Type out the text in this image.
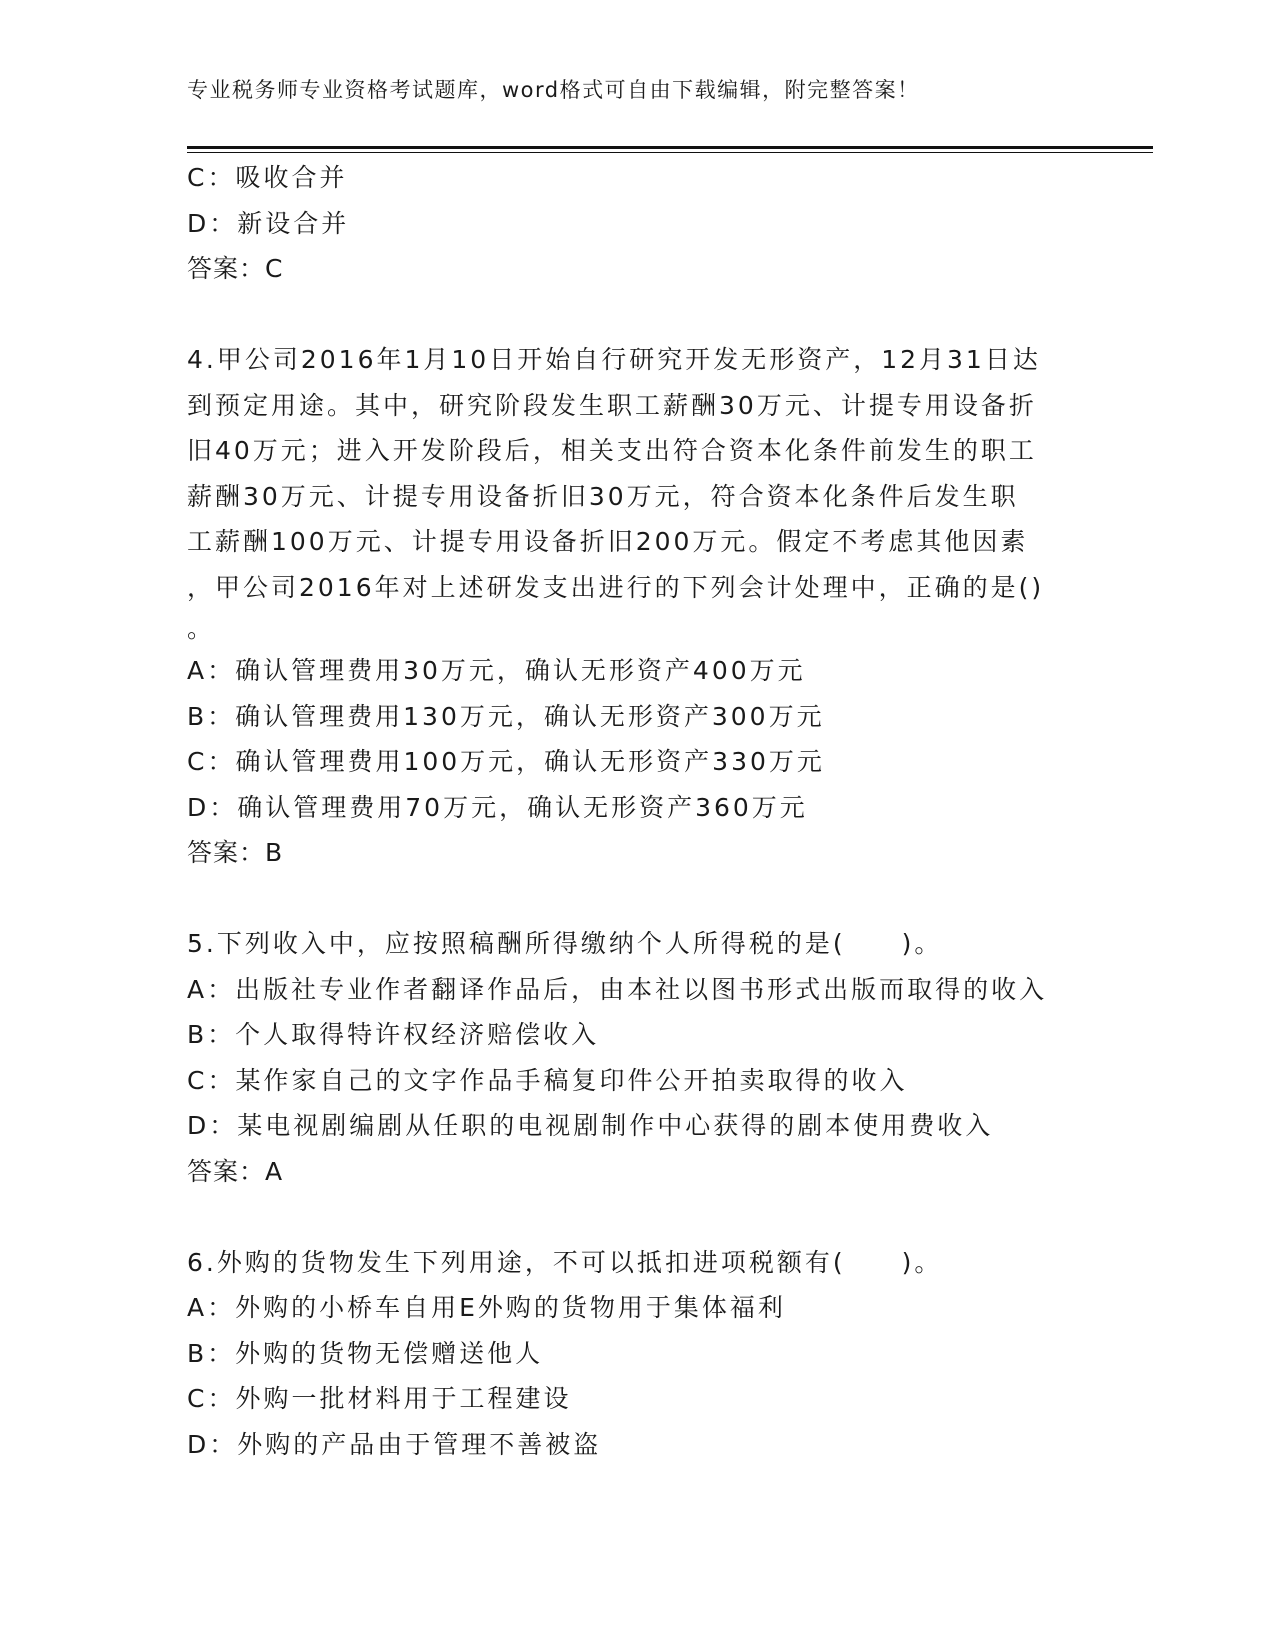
专业税务师专业资格考试题库，word格式可自由下载编辑，附完整答案！
C：吸收合并
D：新设合并
答案：C
4.甲公司2016年1月10日开始自行研究开发无形资产，12月31日达
到预定用途。其中，研究阶段发生职工薪酬30万元、计提专用设备折
旧40万元；进入开发阶段后，相关支出符合资本化条件前发生的职工
薪酬30万元、计提专用设备折旧30万元，符合资本化条件后发生职
工薪酬100万元、计提专用设备折旧200万元。假定不考虑其他因素
，甲公司2016年对上述研发支出进行的下列会计处理中，正确的是()
。
A：确认管理费用30万元，确认无形资产400万元
B：确认管理费用130万元，确认无形资产300万元
C：确认管理费用100万元，确认无形资产330万元
D：确认管理费用70万元，确认无形资产360万元
答案：B
5.下列收入中，应按照稿酬所得缴纳个人所得税的是(　　)。
A：出版社专业作者翻译作品后，由本社以图书形式出版而取得的收入
B：个人取得特许权经济赔偿收入
C：某作家自己的文字作品手稿复印件公开拍卖取得的收入
D：某电视剧编剧从任职的电视剧制作中心获得的剧本使用费收入
答案：A
6.外购的货物发生下列用途，不可以抵扣进项税额有(　　)。
A：外购的小桥车自用E外购的货物用于集体福利
B：外购的货物无偿赠送他人
C：外购一批材料用于工程建设
D：外购的产品由于管理不善被盗
